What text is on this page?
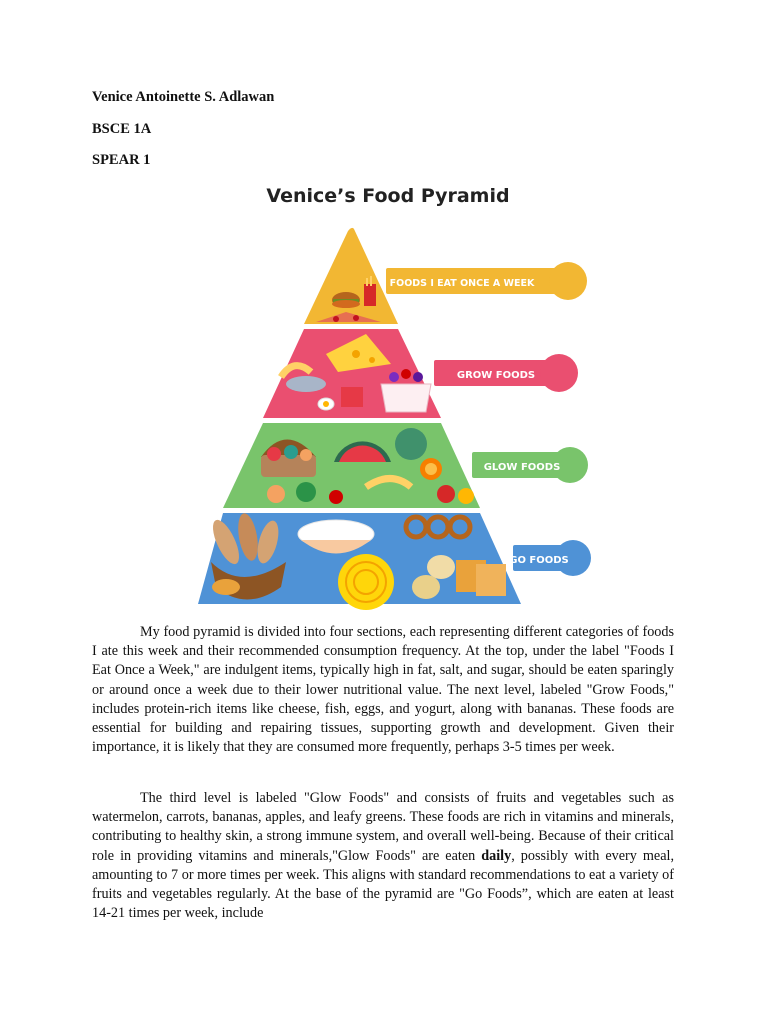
Venice Antoinette S. Adlawan
BSCE 1A
SPEAR 1
Venice’s Food Pyramid
FOODS I EAT ONCE A WEEK
GROW FOODS
GLOW FOODS
GO FOODS

My food pyramid is divided into four sections, each representing different categories of foods I ate this week and their recommended consumption frequency. At the top, under the label "Foods I Eat Once a Week," are indulgent items, typically high in fat, salt, and sugar, should be eaten sparingly or around once a week due to their lower nutritional value. The next level, labeled "Grow Foods," includes protein-rich items like cheese, fish, eggs, and yogurt, along with bananas. These foods are essential for building and repairing tissues, supporting growth and development. Given their importance, it is likely that they are consumed more frequently, perhaps 3-5 times per week.

The third level is labeled "Glow Foods" and consists of fruits and vegetables such as watermelon, carrots, bananas, apples, and leafy greens. These foods are rich in vitamins and minerals, contributing to healthy skin, a strong immune system, and overall well-being. Because of their critical role in providing vitamins and minerals,"Glow Foods" are eaten daily, possibly with every meal, amounting to 7 or more times per week. This aligns with standard recommendations to eat a variety of fruits and vegetables regularly. At the base of the pyramid are "Go Foods”, which are eaten at least 14-21 times per week, include
